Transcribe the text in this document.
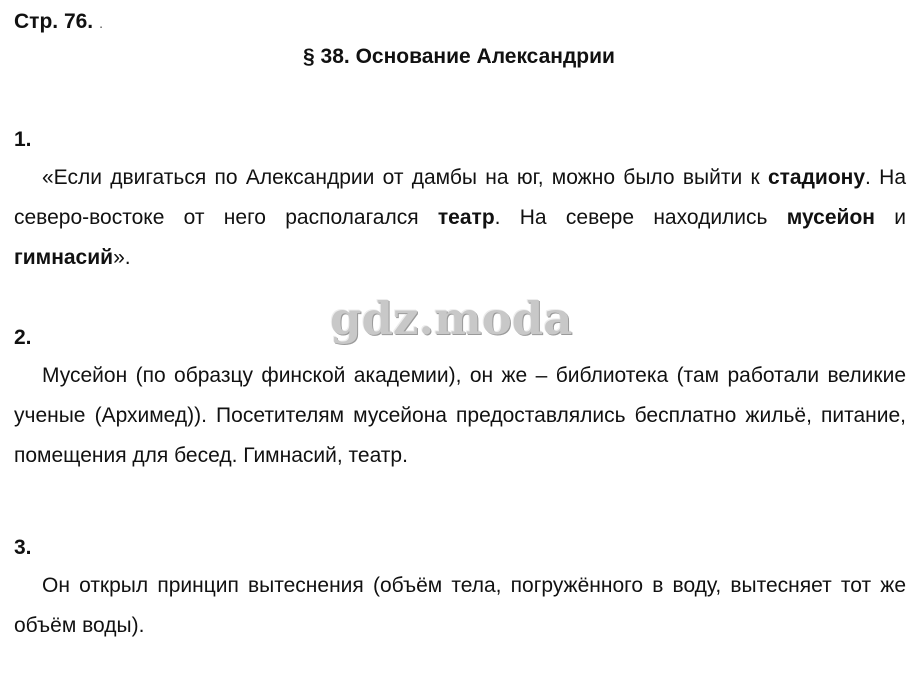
Стр. 76. .
§ 38. Основание Александрии
1.
«Если двигаться по Александрии от дамбы на юг, можно было выйти к стадиону. На северо-востоке от него располагался театр. На севере находились мусейон и гимнасий».
gdz.moda
2.
Мусейон (по образцу финской академии), он же – библиотека (там работали великие ученые (Архимед)). Посетителям мусейона предоставлялись бесплатно жильё, питание, помещения для бесед. Гимнасий, театр.
3.
Он открыл принцип вытеснения (объём тела, погружённого в воду, вытесняет тот же объём воды).
